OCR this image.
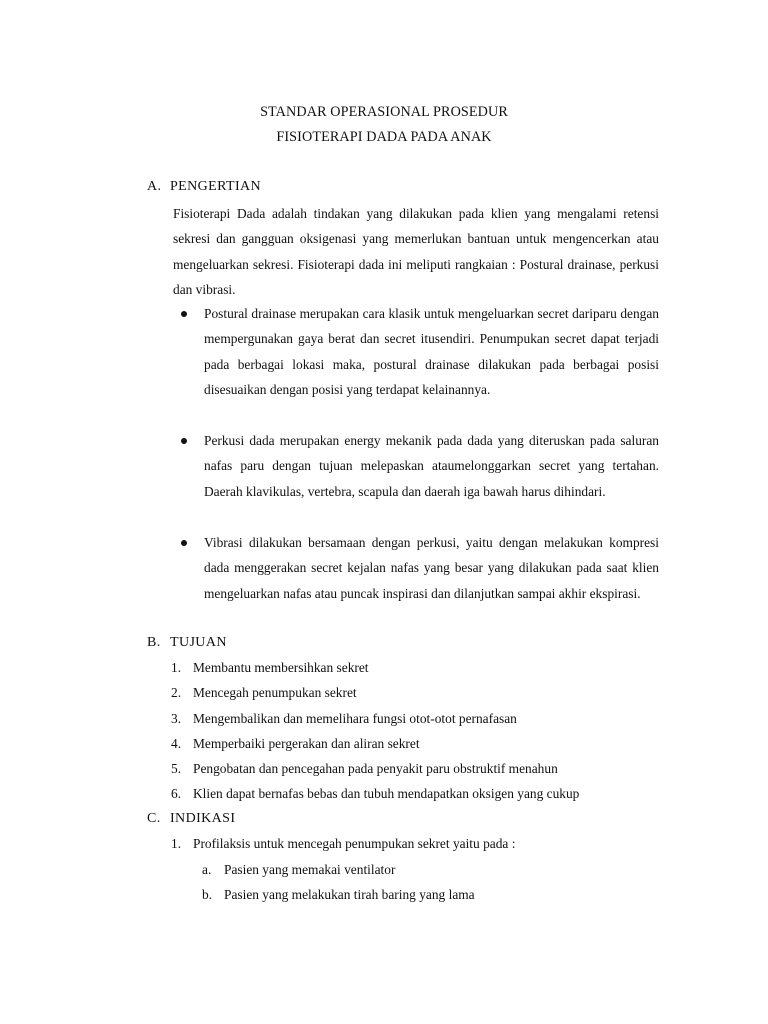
STANDAR OPERASIONAL PROSEDUR
FISIOTERAPI DADA PADA ANAK
A. PENGERTIAN
Fisioterapi Dada adalah tindakan yang dilakukan pada klien yang mengalami retensi sekresi dan gangguan oksigenasi yang memerlukan bantuan untuk mengencerkan atau mengeluarkan sekresi. Fisioterapi dada ini meliputi rangkaian : Postural drainase, perkusi dan vibrasi.
Postural drainase merupakan cara klasik untuk mengeluarkan secret dariparu dengan mempergunakan gaya berat dan secret itusendiri. Penumpukan secret dapat terjadi pada berbagai lokasi maka, postural drainase dilakukan pada berbagai posisi disesuaikan dengan posisi yang terdapat kelainannya.
Perkusi dada merupakan energy mekanik pada dada yang diteruskan pada saluran nafas paru dengan tujuan melepaskan ataumelonggarkan secret yang tertahan. Daerah klavikulas, vertebra, scapula dan daerah iga bawah harus dihindari.
Vibrasi dilakukan bersamaan dengan perkusi, yaitu dengan melakukan kompresi dada menggerakan secret kejalan nafas yang besar yang dilakukan pada saat klien mengeluarkan nafas atau puncak inspirasi dan dilanjutkan sampai akhir ekspirasi.
B. TUJUAN
1. Membantu membersihkan sekret
2. Mencegah penumpukan sekret
3. Mengembalikan dan memelihara fungsi otot-otot pernafasan
4. Memperbaiki pergerakan dan aliran sekret
5. Pengobatan dan pencegahan pada penyakit paru obstruktif menahun
6. Klien dapat bernafas bebas dan tubuh mendapatkan oksigen yang cukup
C. INDIKASI
1. Profilaksis untuk mencegah penumpukan sekret yaitu pada :
a. Pasien yang memakai ventilator
b. Pasien yang melakukan tirah baring yang lama
